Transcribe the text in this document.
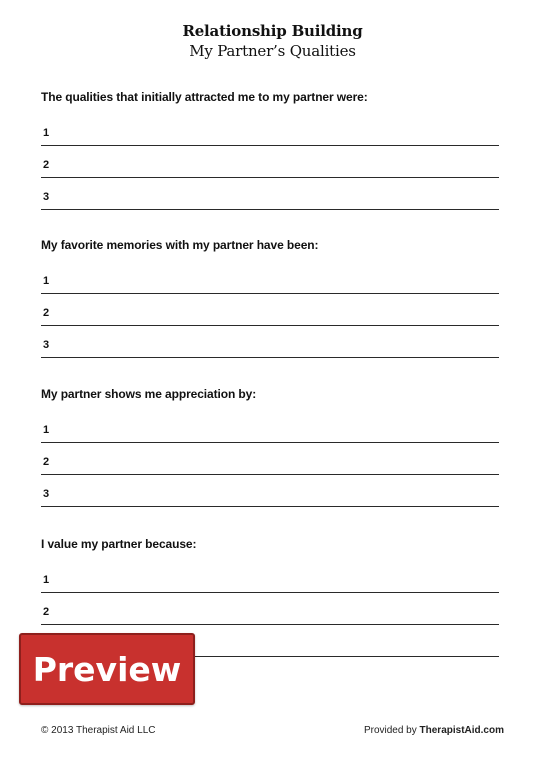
Relationship Building
My Partner’s Qualities
The qualities that initially attracted me to my partner were:
1
2
3
My favorite memories with my partner have been:
1
2
3
My partner shows me appreciation by:
1
2
3
I value my partner because:
1
2
Preview
© 2013 Therapist Aid LLC	Provided by TherapistAid.com
